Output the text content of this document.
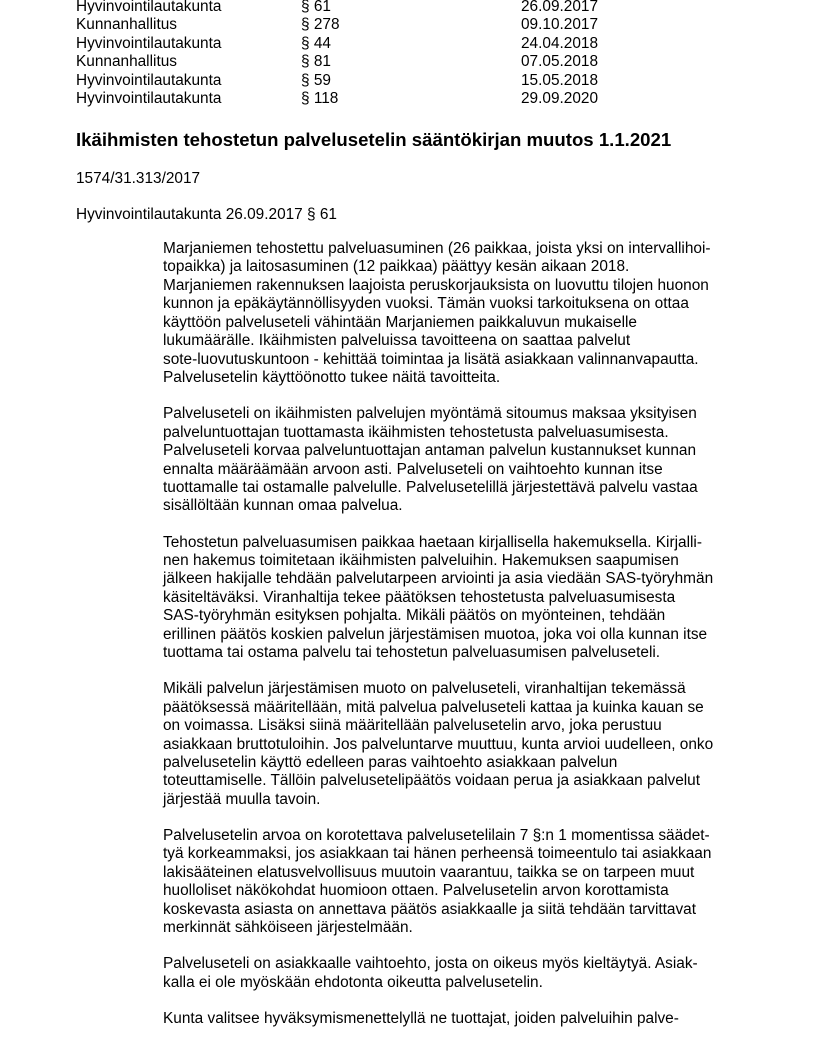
Hyvinvointilautakunta	§ 61	26.09.2017
Kunnanhallitus	§ 278	09.10.2017
Hyvinvointilautakunta	§ 44	24.04.2018
Kunnanhallitus	§ 81	07.05.2018
Hyvinvointilautakunta	§ 59	15.05.2018
Hyvinvointilautakunta	§ 118	29.09.2020
Ikäihmisten tehostetun palvelusetelin sääntökirjan muutos 1.1.2021
1574/31.313/2017
Hyvinvointilautakunta 26.09.2017 § 61

Marjaniemen tehostettu palveluasuminen (26 paikkaa, joista yksi on intervallihoi-
topaikka) ja laitosasuminen (12 paikkaa) päättyy kesän aikaan 2018.
Marjaniemen rakennuksen laajoista peruskorjauksista on luovuttu tilojen huonon
kunnon ja epäkäytännöllisyyden vuoksi. Tämän vuoksi tarkoituksena on ottaa
käyttöön palveluseteli vähintään Marjaniemen paikkaluvun mukaiselle
lukumäärälle. Ikäihmisten palveluissa tavoitteena on saattaa palvelut
sote-luovutuskuntoon - kehittää toimintaa ja lisätä asiakkaan valinnanvapautta.
Palvelusetelin käyttöönotto tukee näitä tavoitteita.

Palveluseteli on ikäihmisten palvelujen myöntämä sitoumus maksaa yksityisen
palveluntuottajan tuottamasta ikäihmisten tehostetusta palveluasumisesta.
Palveluseteli korvaa palveluntuottajan antaman palvelun kustannukset kunnan
ennalta määräämään arvoon asti. Palveluseteli on vaihtoehto kunnan itse
tuottamalle tai ostamalle palvelulle. Palvelusetelillä järjestettävä palvelu vastaa
sisällöltään kunnan omaa palvelua.

Tehostetun palveluasumisen paikkaa haetaan kirjallisella hakemuksella. Kirjalli-
nen hakemus toimitetaan ikäihmisten palveluihin. Hakemuksen saapumisen
jälkeen hakijalle tehdään palvelutarpeen arviointi ja asia viedään SAS-työryhmän
käsiteltäväksi. Viranhaltija tekee päätöksen tehostetusta palveluasumisesta
SAS-työryhmän esityksen pohjalta. Mikäli päätös on myönteinen, tehdään
erillinen päätös koskien palvelun järjestämisen muotoa, joka voi olla kunnan itse
tuottama tai ostama palvelu tai tehostetun palveluasumisen palveluseteli.

Mikäli palvelun järjestämisen muoto on palveluseteli, viranhaltijan tekemässä
päätöksessä määritellään, mitä palvelua palveluseteli kattaa ja kuinka kauan se
on voimassa. Lisäksi siinä määritellään palvelusetelin arvo, joka perustuu
asiakkaan bruttotuloihin. Jos palveluntarve muuttuu, kunta arvioi uudelleen, onko
palvelusetelin käyttö edelleen paras vaihtoehto asiakkaan palvelun
toteuttamiselle. Tällöin palvelusetelipäätös voidaan perua ja asiakkaan palvelut
järjestää muulla tavoin.

Palvelusetelin arvoa on korotettava palvelusetelilain 7 §:n 1 momentissa säädet-
tyä korkeammaksi, jos asiakkaan tai hänen perheensä toimeentulo tai asiakkaan
lakisääteinen elatusvelvollisuus muutoin vaarantuu, taikka se on tarpeen muut
huolloliset näkökohdat huomioon ottaen. Palvelusetelin arvon korottamista
koskevasta asiasta on annettava päätös asiakkaalle ja siitä tehdään tarvittavat
merkinnät sähköiseen järjestelmään.

Palveluseteli on asiakkaalle vaihtoehto, josta on oikeus myös kieltäytyä. Asiak-
kalla ei ole myöskään ehdotonta oikeutta palvelusetelin.

Kunta valitsee hyväksymismenettelyllä ne tuottajat, joiden palveluihin palve-
